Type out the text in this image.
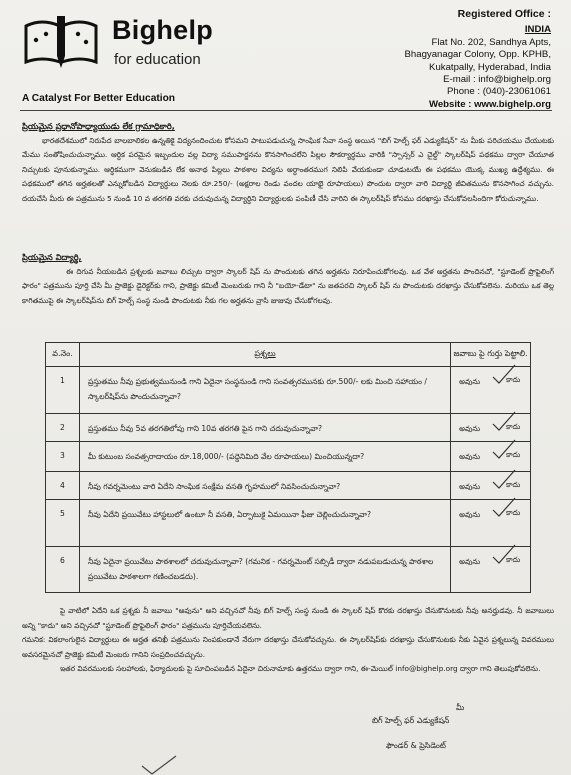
Bighelp
for education
A Catalyst For Better Education
Registered Office :
INDIA
Flat No. 202, Sandhya Apts,
Bhagyanagar Colony, Opp. KPHB,
Kukatpally, Hyderabad, India
E-mail : info@bighelp.org
Phone : (040)-23061061
Website : www.bighelp.org
ప్రియమైన ప్రధానోపాధ్యాయుడు లేక గ్రామాధికారి,
భారతదేశములో నిరుపేద బాలబాలికల ఉన్నతికై విద్యనందించుట కోసమని పాటుపడుచున్న సాంఘిక సేవా సంస్థ అయిన "బిగ్ హెల్ప్ ఫర్ ఎడ్యుకేషన్" ను మీకు పరిచయము చేయుటకు మేము సంతోషించుచున్నాము. ఆర్థిక పరమైన ఇబ్బందుల వల్ల విద్యా సముపార్జనను కొనసాగించలేని పిల్లల సౌకర్యార్థము వారికి "స్పాన్సర్ ఎ చైల్డ్" స్కాలర్‌షిప్ పథకము ద్వారా చేయూత నిచ్చుటకు పూనుకున్నాము. ఆర్థికముగా వెనుకబడిన లేక అనాథ పిల్లలు పాఠశాల విద్యను అర్థాంతరముగ నిలిపి వేయకుండా చూడుటయే ఈ పథకము యొక్క ముఖ్య ఉద్దేశ్యము. ఈ పథకములో తగిన అర్హతలతో ఎన్నుకోబడిన విద్యార్థులు నెలకు రూ.250/- (అక్షరాల రెండు వందల యాభై రూపాయలు) పొందుట ద్వారా వారి విద్యార్థి జీవితమును కొనసాగించ వచ్చును. దయచేసి మీరు ఈ పత్రమును 5 నుండి 10 వ తరగతి వరకు చదువుచున్న విద్యార్థిని విద్యార్థులకు పంపిణీ చేసి వారిని ఈ స్కాలర్‌షిప్ కోసము దరఖాస్తు చేసుకోవలసిందిగా కోరుచున్నాము.
ప్రియమైన విద్యార్థి,
ఈ దిగువ నీయబడిన ప్రశ్నలకు జవాబు లిచ్చుట ద్వారా స్కాలర్ షిప్ ను పొందుటకు తగిన అర్హతను నిరూపించుకోగలవు. ఒక వేళ అర్హతను పొందినచో, "స్టూడెంట్ ప్రొఫైలింగ్ ఫారం" పత్రమును పూర్తి చేసి మీ ప్రాజెక్టు డైరెక్టర్‌కు గాని, ప్రాజెక్టు కమిటీ మెంబరుకు గాని నీ "బయో-డేటా" ను జతపరచి స్కాలర్ షిప్ ను పొందుటకు దరఖాస్తు చేసుకోవలెను. మరియు ఒక తెల్ల కాగితముపై ఈ స్కాలర్‌షిప్‌ను బిగ్ హెల్ప్ సంస్థ నుండి పొందుటకు నీకు గల అర్హతను వ్రాసి జుజువు చేసుకోగలవు.
వ.నెం.	ప్రశ్నలు	జవాబు పై గుర్తు పెట్టాలి.
1	ప్రస్తుతము నీవు ప్రభుత్వమునుండి గాని ఏదైనా సంస్థనుండి గాని సంవత్సరమునకు రూ.500/- లకు మించి సహాయం / స్కాలర్‌షిప్‌ను పొందుచున్నావా?	అవును కాదు

2	ప్రస్తుతము నీవు 5వ తరగతిలోపు గాని 10వ తరగతి పైన గాని చదువుచున్నావా?	అవును కాదు

3	మీ కుటుంబ సంవత్సరాదాయం రూ.18,000/- (పద్దెనిమిది వేల రూపాయలు) మించియున్నదా?	అవును కాదు

4	నీవు గవర్నమెంటు వారి ఏదేని సాంఘిక సంక్షేమ వసతి గృహములో నివసించుచున్నావా?	అవును కాదు

5	నీవు ఏదేని ప్రయివేటు హాస్టలులో ఉంటూ నీ వసతి, ఏర్పాటుకై ఏమయినా ఫీజు చెల్లించుచున్నావా?	అవును కాదు

6	నీవు ఏదైనా ప్రయివేటు పాఠశాలలో చదువుచున్నావా? (గమనిక - గవర్నమెంట్ సబ్సిడీ ద్వారా నడుపబడుచున్న పాఠశాల ప్రయివేటు పాఠశాలగా గణించబడదు).	అవును కాదు
పై వాటిలో ఏదేని ఒక ప్రశ్నకు నీ జవాబు "అవును" అని వచ్చినచో నీవు బిగ్ హెల్ప్ సంస్థ నుండి ఈ స్కాలర్ షిప్ కొరకు దరఖాస్తు చేసుకొనుటకు నీవు అనర్హుడవు. నీ జవాబులు అన్ని "కాదు" అని వచ్చినచో "స్టూడెంట్ ప్రొఫైలింగ్ ఫారం" పత్రమును పూర్తిచేయవలెను.
గమనిక: వికలాంగులైన విద్యార్థులు ఈ అర్హత తనిఖీ పత్రమును నింపకుండానే నేరుగా దరఖాస్తు చేసుకోవచ్చును. ఈ స్కాలర్‌షిప్‌కు దరఖాస్తు చేసుకొనుటకు నీకు ఏవైన ప్రశ్నలున్న వివరములు అవసరమైనచో ప్రాజెక్టు కమిటీ మెంబరు గానిని సంప్రదించవచ్చును.
ఇతర వివరములకు సలహాలకు, ఫిర్యాదులకు పై సూచింపబడిన ఏదైనా చిరునామాకు ఉత్తరము ద్వారా గాని, ఈ-మెయిల్ info@bighelp.org ద్వారా గాని తెలుపుకోవలెను.
మీ
బిగ్ హెల్ప్ ఫర్ ఎడ్యుకేషన్
ఫౌండర్ & ప్రెసిడెంట్
